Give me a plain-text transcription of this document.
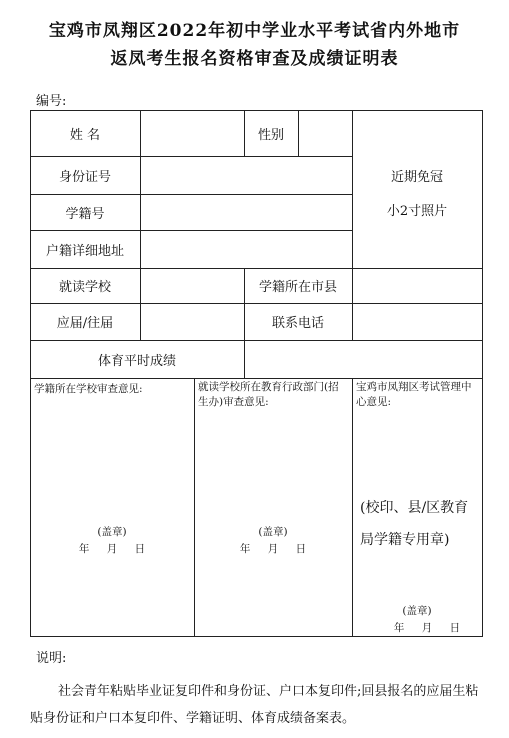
宝鸡市凤翔区2022年初中学业水平考试省内外地市
返凤考生报名资格审查及成绩证明表
编号:
姓 名	性别
身份证号
学籍号
户籍详细地址
就读学校	学籍所在市县
应届/往届	联系电话
体育平时成绩
近期免冠
小2寸照片
学籍所在学校审查意见:	就读学校所在教育行政部门(招生办)审查意见:
宝鸡市凤翔区考试管理中心意见:
(校印、县/区教育局学籍专用章)
(盖章)
年 月 日
(盖章)
年 月 日
(盖章)
年 月 日
说明:
社会青年粘贴毕业证复印件和身份证、户口本复印件;回县报名的应届生粘贴身份证和户口本复印件、学籍证明、体育成绩备案表。
